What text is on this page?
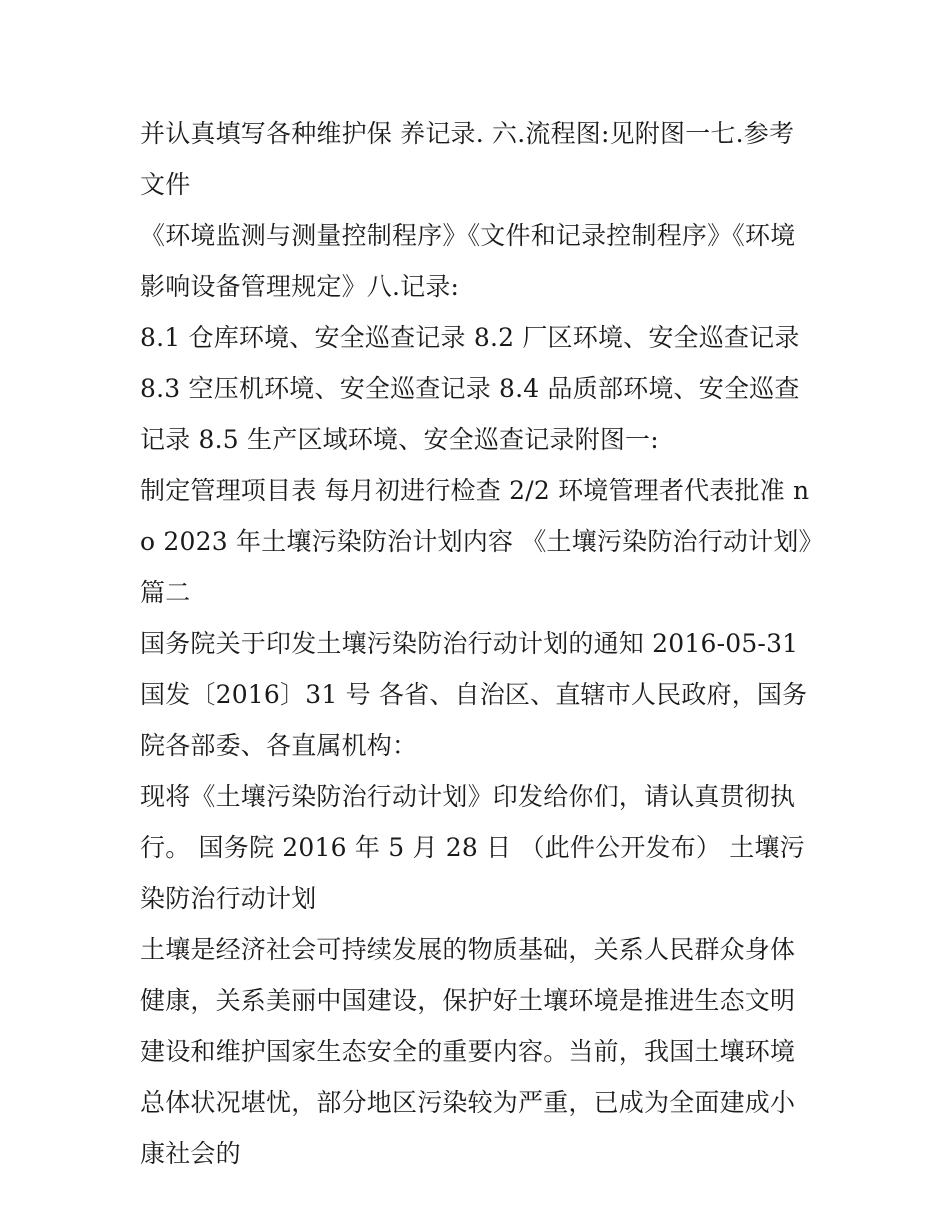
并认真填写各种维护保 养记录. 六.流程图:见附图一七.参考文件

《环境监测与测量控制程序》《文件和记录控制程序》《环境影响设备管理规定》八.记录:

8.1 仓库环境、安全巡查记录 8.2 厂区环境、安全巡查记录 8.3 空压机环境、安全巡查记录 8.4 品质部环境、安全巡查记录 8.5 生产区域环境、安全巡查记录附图一:

制定管理项目表 每月初进行检查 2/2 环境管理者代表批准 no 2023 年土壤污染防治计划内容 《土壤污染防治行动计划》篇二

国务院关于印发土壤污染防治行动计划的通知 2016-05-31 国发〔2016〕31 号 各省、自治区、直辖市人民政府，国务院各部委、各直属机构：

现将《土壤污染防治行动计划》印发给你们，请认真贯彻执行。 国务院 2016 年 5 月 28 日 （此件公开发布） 土壤污染防治行动计划

土壤是经济社会可持续发展的物质基础，关系人民群众身体健康，关系美丽中国建设，保护好土壤环境是推进生态文明建设和维护国家生态安全的重要内容。当前，我国土壤环境总体状况堪忧，部分地区污染较为严重，已成为全面建成小康社会的
